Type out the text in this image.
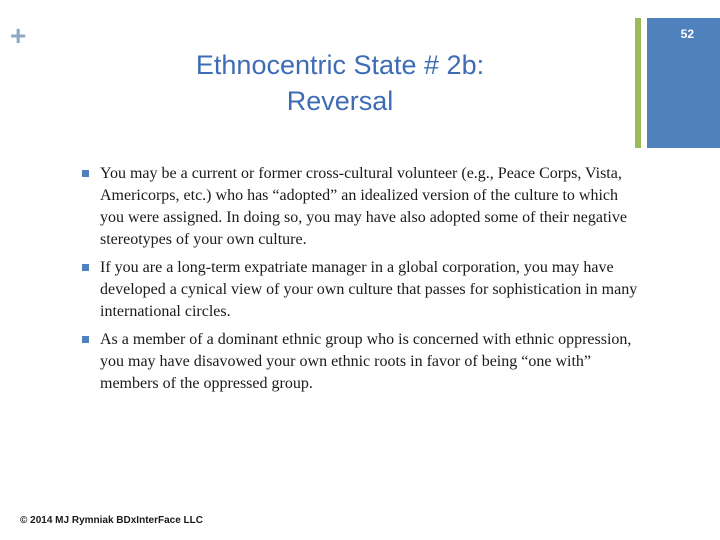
+	52
Ethnocentric State # 2b:
Reversal
You may be a current or former cross-cultural volunteer (e.g., Peace Corps, Vista, Americorps, etc.) who has “adopted” an idealized version of the culture to which you were assigned. In doing so, you may have also adopted some of their negative stereotypes of your own culture.
If you are a long-term expatriate manager in a global corporation, you may have developed a cynical view of your own culture that passes for sophistication in many international circles.
As a member of a dominant ethnic group who is concerned with ethnic oppression, you may have disavowed your own ethnic roots in favor of being “one with” members of the oppressed group.
© 2014 MJ Rymniak BDxInterFace LLC
